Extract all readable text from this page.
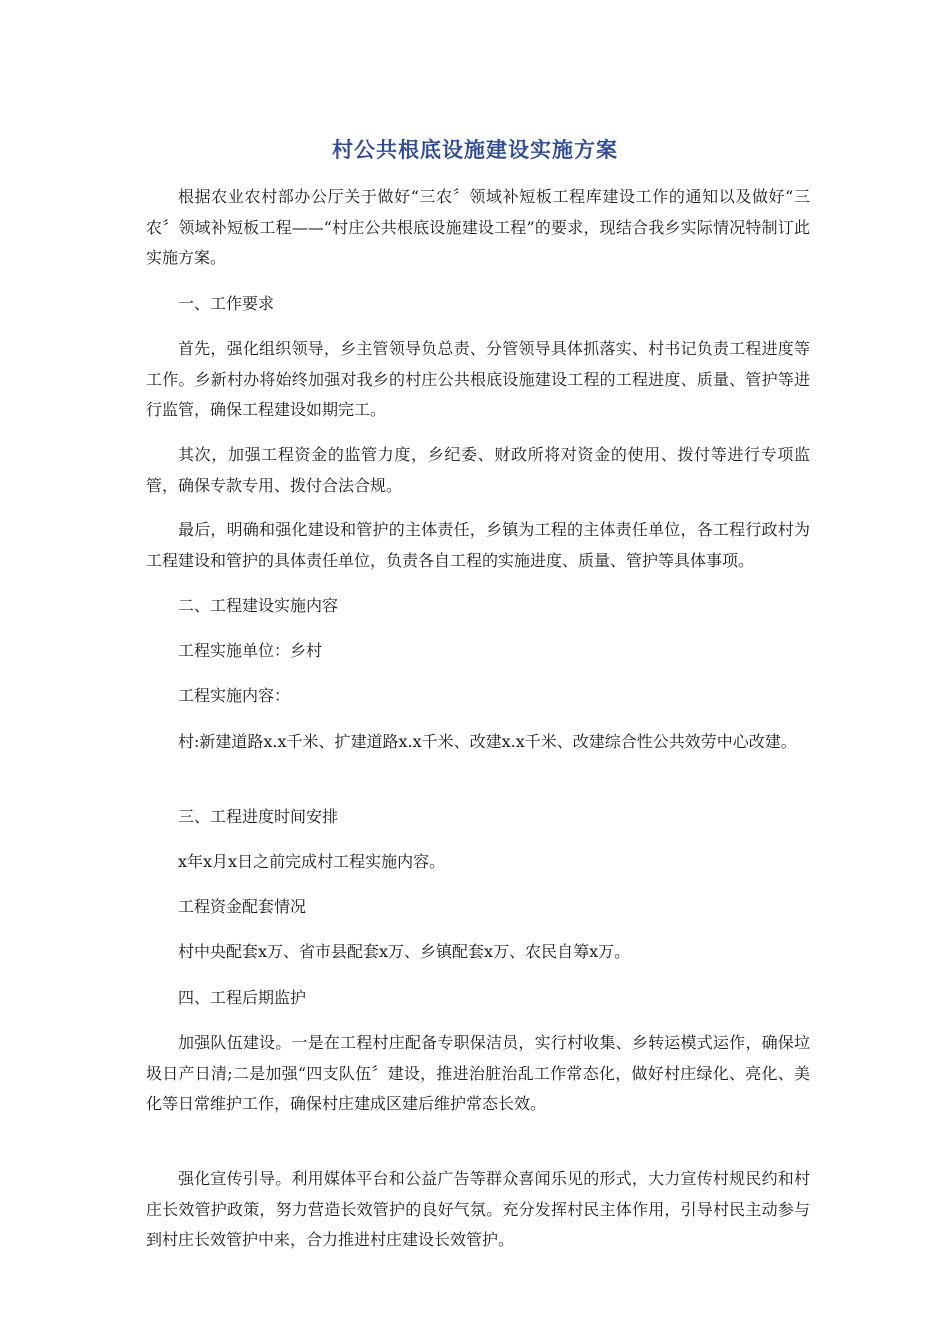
村公共根底设施建设实施方案

根据农业农村部办公厅关于做好“三农〞领域补短板工程库建设工作的通知以及做好“三农〞领域补短板工程——“村庄公共根底设施建设工程”的要求，现结合我乡实际情况特制订此实施方案。

一、工作要求

首先，强化组织领导，乡主管领导负总责、分管领导具体抓落实、村书记负责工程进度等工作。乡新村办将始终加强对我乡的村庄公共根底设施建设工程的工程进度、质量、管护等进行监管，确保工程建设如期完工。

其次，加强工程资金的监管力度，乡纪委、财政所将对资金的使用、拨付等进行专项监管，确保专款专用、拨付合法合规。

最后，明确和强化建设和管护的主体责任，乡镇为工程的主体责任单位，各工程行政村为工程建设和管护的具体责任单位，负责各自工程的实施进度、质量、管护等具体事项。

二、工程建设实施内容

工程实施单位：乡村

工程实施内容：

村:新建道路x.x千米、扩建道路x.x千米、改建x.x千米、改建综合性公共效劳中心改建。

三、工程进度时间安排

x年x月x日之前完成村工程实施内容。

工程资金配套情况

村中央配套x万、省市县配套x万、乡镇配套x万、农民自筹x万。

四、工程后期监护

加强队伍建设。一是在工程村庄配备专职保洁员，实行村收集、乡转运模式运作，确保垃圾日产日清;二是加强“四支队伍〞建设，推进治脏治乱工作常态化，做好村庄绿化、亮化、美化等日常维护工作，确保村庄建成区建后维护常态长效。

强化宣传引导。利用媒体平台和公益广告等群众喜闻乐见的形式，大力宣传村规民约和村庄长效管护政策，努力营造长效管护的良好气氛。充分发挥村民主体作用，引导村民主动参与到村庄长效管护中来，合力推进村庄建设长效管护。
